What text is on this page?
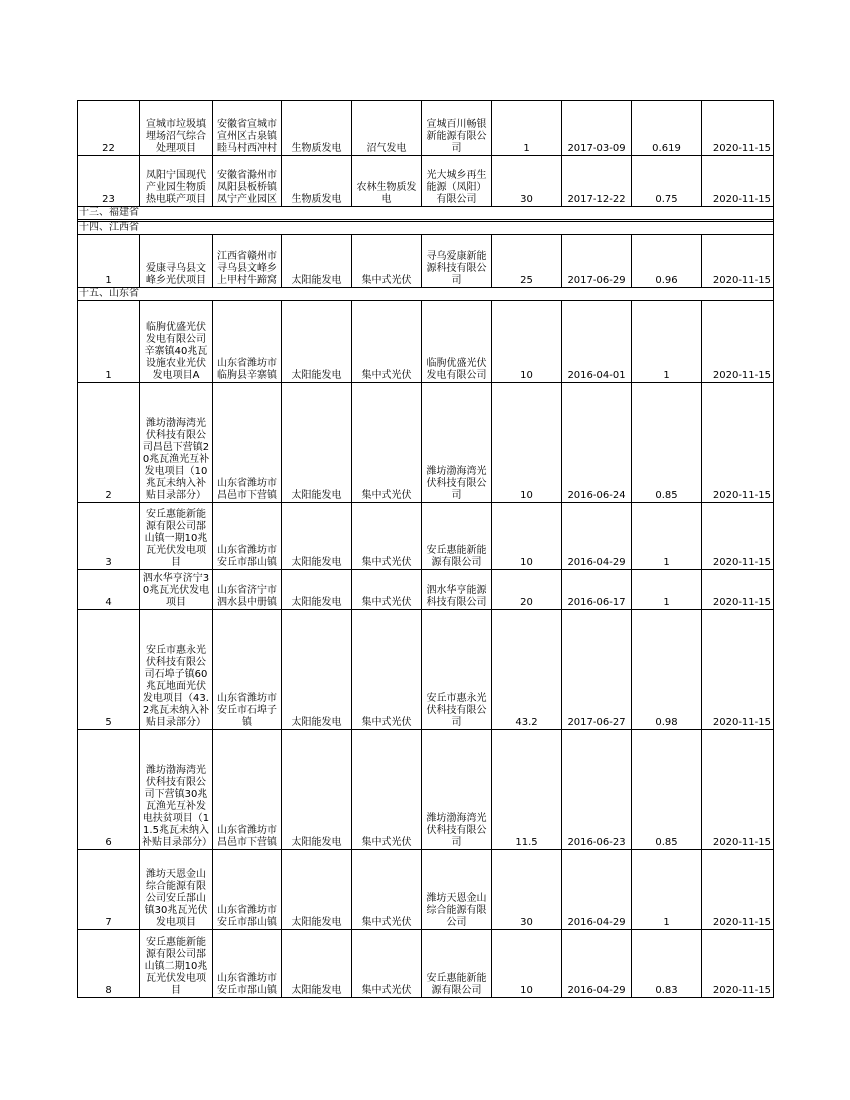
22	宣城市垃圾填埋场沼气综合处理项目	安徽省宣城市宣州区古泉镇睦马村西冲村	生物质发电	沼气发电	宣城百川畅银新能源有限公司	1	2017-03-09	0.619	2020-11-15
23	凤阳宁国现代产业园生物质热电联产项目	安徽省滁州市凤阳县板桥镇凤宁产业园区	生物质发电	农林生物质发电	光大城乡再生能源（凤阳）有限公司	30	2017-12-22	0.75	2020-11-15
十三、福建省									

十四、江西省									
1	爱康寻乌县文峰乡光伏项目	江西省赣州市寻乌县文峰乡上甲村牛蹄窝	太阳能发电	集中式光伏	寻乌爱康新能源科技有限公司	25	2017-06-29	0.96	2020-11-15
十五、山东省									
1	临朐优盛光伏发电有限公司辛寨镇40兆瓦设施农业光伏发电项目A	山东省潍坊市临朐县辛寨镇	太阳能发电	集中式光伏	临朐优盛光伏发电有限公司	10	2016-04-01	1	2020-11-15
2	潍坊渤海湾光伏科技有限公司昌邑下营镇20兆瓦渔光互补发电项目（10兆瓦未纳入补贴目录部分）	山东省潍坊市昌邑市下营镇	太阳能发电	集中式光伏	潍坊渤海湾光伏科技有限公司	10	2016-06-24	0.85	2020-11-15
3	安丘惠能新能源有限公司郚山镇一期10兆瓦光伏发电项目	山东省潍坊市安丘市郚山镇	太阳能发电	集中式光伏	安丘惠能新能源有限公司	10	2016-04-29	1	2020-11-15
4	泗水华亨济宁30兆瓦光伏发电项目	山东省济宁市泗水县中册镇	太阳能发电	集中式光伏	泗水华亨能源科技有限公司	20	2016-06-17	1	2020-11-15
5	安丘市惠永光伏科技有限公司石埠子镇60兆瓦地面光伏发电项目（43.2兆瓦未纳入补贴目录部分）	山东省潍坊市安丘市石埠子镇	太阳能发电	集中式光伏	安丘市惠永光伏科技有限公司	43.2	2017-06-27	0.98	2020-11-15
6	潍坊渤海湾光伏科技有限公司下营镇30兆瓦渔光互补发电扶贫项目（11.5兆瓦未纳入补贴目录部分）	山东省潍坊市昌邑市下营镇	太阳能发电	集中式光伏	潍坊渤海湾光伏科技有限公司	11.5	2016-06-23	0.85	2020-11-15
7	潍坊天恩金山综合能源有限公司安丘郚山镇30兆瓦光伏发电项目	山东省潍坊市安丘市郚山镇	太阳能发电	集中式光伏	潍坊天恩金山综合能源有限公司	30	2016-04-29	1	2020-11-15
8	安丘惠能新能源有限公司郚山镇二期10兆瓦光伏发电项目	山东省潍坊市安丘市郚山镇	太阳能发电	集中式光伏	安丘惠能新能源有限公司	10	2016-04-29	0.83	2020-11-15
